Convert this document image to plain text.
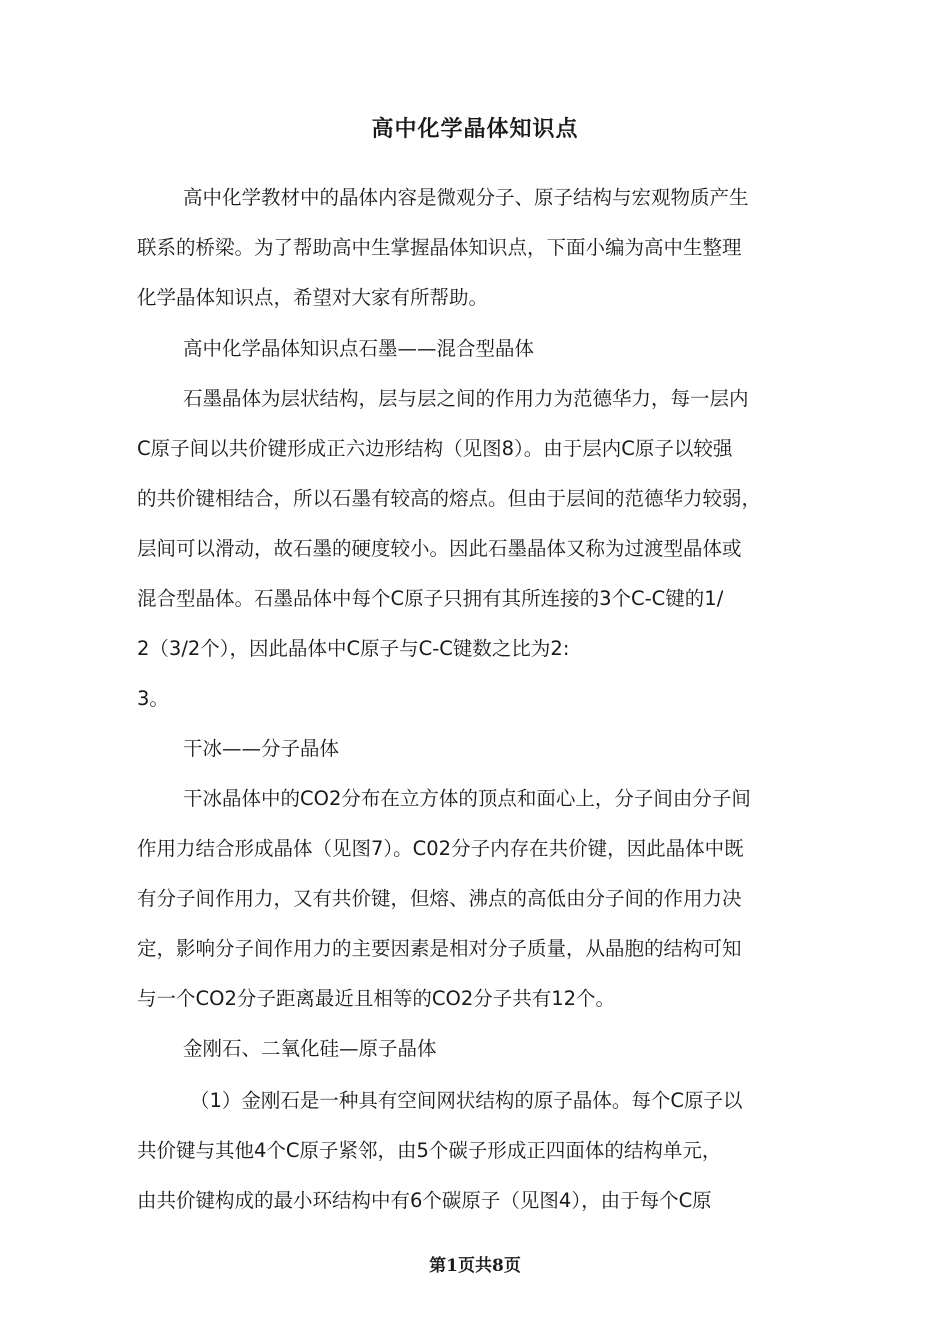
高中化学晶体知识点
高中化学教材中的晶体内容是微观分子、原子结构与宏观物质产生
联系的桥梁。为了帮助高中生掌握晶体知识点，下面小编为高中生整理
化学晶体知识点，希望对大家有所帮助。
高中化学晶体知识点石墨——混合型晶体
石墨晶体为层状结构，层与层之间的作用力为范德华力，每一层内
C原子间以共价键形成正六边形结构（见图8）。由于层内C原子以较强
的共价键相结合，所以石墨有较高的熔点。但由于层间的范德华力较弱，
层间可以滑动，故石墨的硬度较小。因此石墨晶体又称为过渡型晶体或
混合型晶体。石墨品体中每个C原子只拥有其所连接的3个C-C键的1/
2（3/2个），因此晶体中C原子与C-C键数之比为2:
3。
干冰——分子晶体
干冰晶体中的CO2分布在立方体的顶点和面心上，分子间由分子间
作用力结合形成晶体（见图7）。C02分子内存在共价键，因此晶体中既
有分子间作用力，又有共价键，但熔、沸点的高低由分子间的作用力决
定，影响分子间作用力的主要因素是相对分子质量，从晶胞的结构可知
与一个CO2分子距离最近且相等的CO2分子共有12个。
金刚石、二氧化硅—原子晶体
（1）金刚石是一种具有空间网状结构的原子晶体。每个C原子以
共价键与其他4个C原子紧邻，由5个碳子形成正四面体的结构单元，
由共价键构成的最小环结构中有6个碳原子（见图4），由于每个C原
第1页共8页
